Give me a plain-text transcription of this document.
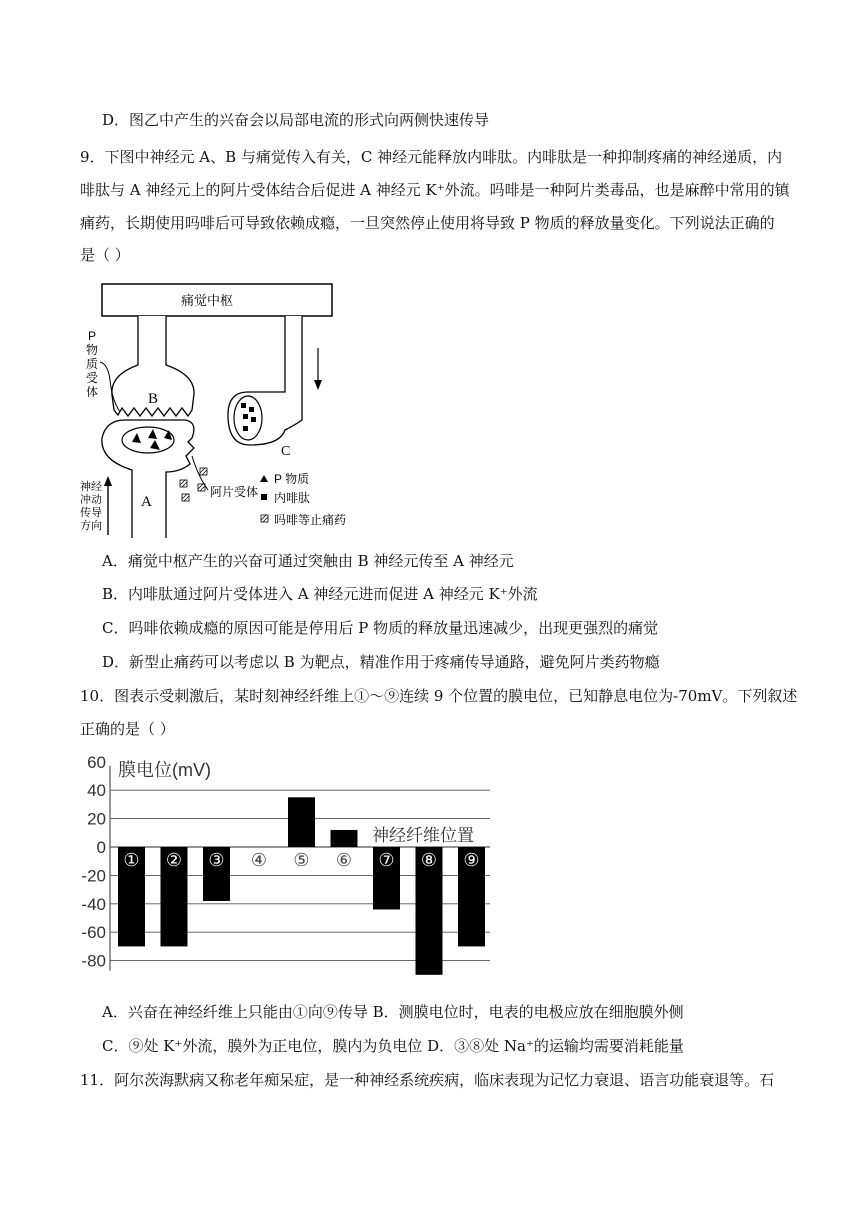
D．图乙中产生的兴奋会以局部电流的形式向两侧快速传导
9．下图中神经元 A、B 与痛觉传入有关，C 神经元能释放内啡肽。内啡肽是一种抑制疼痛的神经递质，内
啡肽与 A 神经元上的阿片受体结合后促进 A 神经元 K⁺外流。吗啡是一种阿片类毒品，也是麻醉中常用的镇
痛药，长期使用吗啡后可导致依赖成瘾，一旦突然停止使用将导致 P 物质的释放量变化。下列说法正确的
是（ ）
痛觉中枢
B
P
物
质
受
体
C
A
阿片受体
神经
冲动
传导
方向
P 物质
内啡肽
吗啡等止痛药
A．痛觉中枢产生的兴奋可通过突触由 B 神经元传至 A 神经元
B．内啡肽通过阿片受体进入 A 神经元进而促进 A 神经元 K⁺外流
C．吗啡依赖成瘾的原因可能是停用后 P 物质的释放量迅速减少，出现更强烈的痛觉
D．新型止痛药可以考虑以 B 为靶点，精准作用于疼痛传导通路，避免阿片类药物瘾
10．图表示受刺激后，某时刻神经纤维上①～⑨连续 9 个位置的膜电位，已知静息电位为-70mV。下列叙述
正确的是（ ）
60
40
20
0
-20
-40
-60
-80
① ② ③ ④ ⑤ ⑥ ⑦ ⑧ ⑨
膜电位(mV)
神经纤维位置
A．兴奋在神经纤维上只能由①向⑨传导 B．测膜电位时，电表的电极应放在细胞膜外侧
C．⑨处 K⁺外流，膜外为正电位，膜内为负电位 D．③⑧处 Na⁺的运输均需要消耗能量
11．阿尔茨海默病又称老年痴呆症，是一种神经系统疾病，临床表现为记忆力衰退、语言功能衰退等。石
